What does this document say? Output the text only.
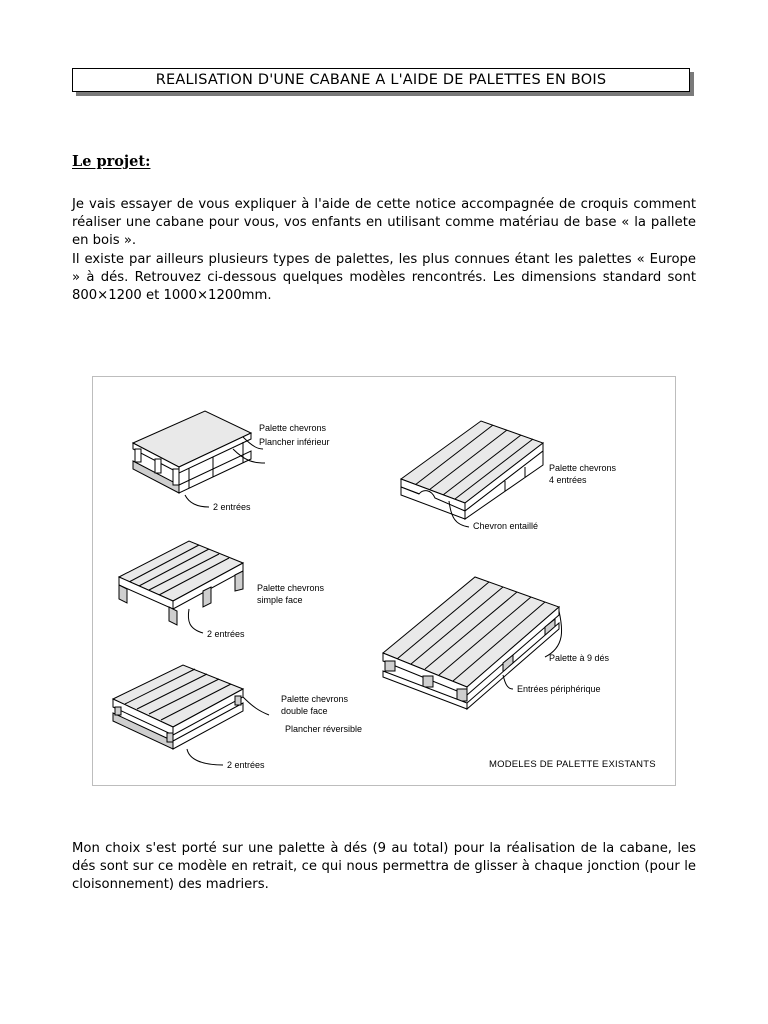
REALISATION D'UNE CABANE A L'AIDE DE PALETTES EN BOIS
Le projet:

Je vais essayer de vous expliquer à l'aide de cette notice accompagnée de croquis comment réaliser une cabane pour vous, vos enfants en utilisant comme matériau de base « la pallete en bois ».

Il existe par ailleurs plusieurs types de palettes, les plus connues étant les palettes « Europe » à dés. Retrouvez ci-dessous quelques modèles rencontrés. Les dimensions standard sont 800×1200 et 1000×1200mm.

Palette chevrons
Plancher inférieur
2 entrées
Palette chevrons
simple face
2 entrées
Palette chevrons
double face
Plancher réversible
2 entrées
Palette chevrons
4 entrées
Chevron entaillé
Palette à 9 dés
Entrées périphérique
MODELES DE PALETTE EXISTANTS

Mon choix s'est porté sur une palette à dés (9 au total) pour la réalisation de la cabane, les dés sont sur ce modèle en retrait, ce qui nous permettra de glisser à chaque jonction (pour le cloisonnement) des madriers.
